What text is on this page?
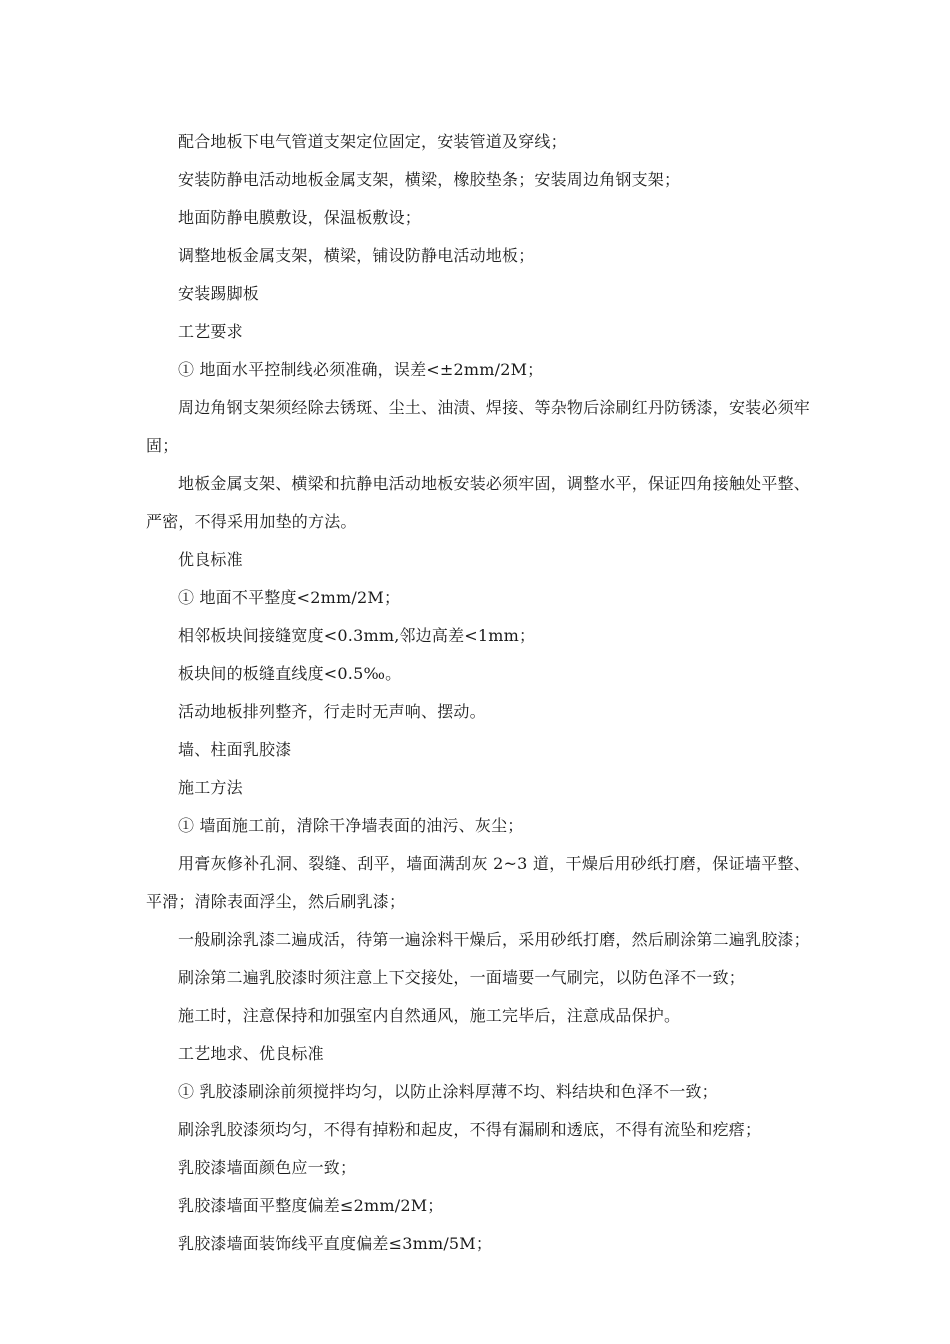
配合地板下电气管道支架定位固定，安装管道及穿线；

安装防静电活动地板金属支架，横梁，橡胶垫条；安装周边角钢支架；

地面防静电膜敷设，保温板敷设；

调整地板金属支架，横梁，铺设防静电活动地板；

安装踢脚板

工艺要求

① 地面水平控制线必须准确，误差<±2mm/2M；

周边角钢支架须经除去锈斑、尘土、油渍、焊接、等杂物后涂刷红丹防锈漆，安装必须牢固；

地板金属支架、横梁和抗静电活动地板安装必须牢固，调整水平，保证四角接触处平整、严密，不得采用加垫的方法。

优良标准

① 地面不平整度<2mm/2M；

相邻板块间接缝宽度<0.3mm,邻边高差<1mm；

板块间的板缝直线度<0.5‰。

活动地板排列整齐，行走时无声响、摆动。

墙、柱面乳胶漆

施工方法

① 墙面施工前，清除干净墙表面的油污、灰尘；

用膏灰修补孔洞、裂缝、刮平，墙面满刮灰 2~3 道，干燥后用砂纸打磨，保证墙平整、平滑；清除表面浮尘，然后刷乳漆；

一般刷涂乳漆二遍成活，待第一遍涂料干燥后，采用砂纸打磨，然后刷涂第二遍乳胶漆；

刷涂第二遍乳胶漆时须注意上下交接处，一面墙要一气刷完，以防色泽不一致；

施工时，注意保持和加强室内自然通风，施工完毕后，注意成品保护。

工艺地求、优良标准

① 乳胶漆刷涂前须搅拌均匀，以防止涂料厚薄不均、料结块和色泽不一致；

刷涂乳胶漆须均匀，不得有掉粉和起皮，不得有漏刷和透底，不得有流坠和疙瘩；

乳胶漆墙面颜色应一致；

乳胶漆墙面平整度偏差≤2mm/2M；

乳胶漆墙面装饰线平直度偏差≤3mm/5M；
